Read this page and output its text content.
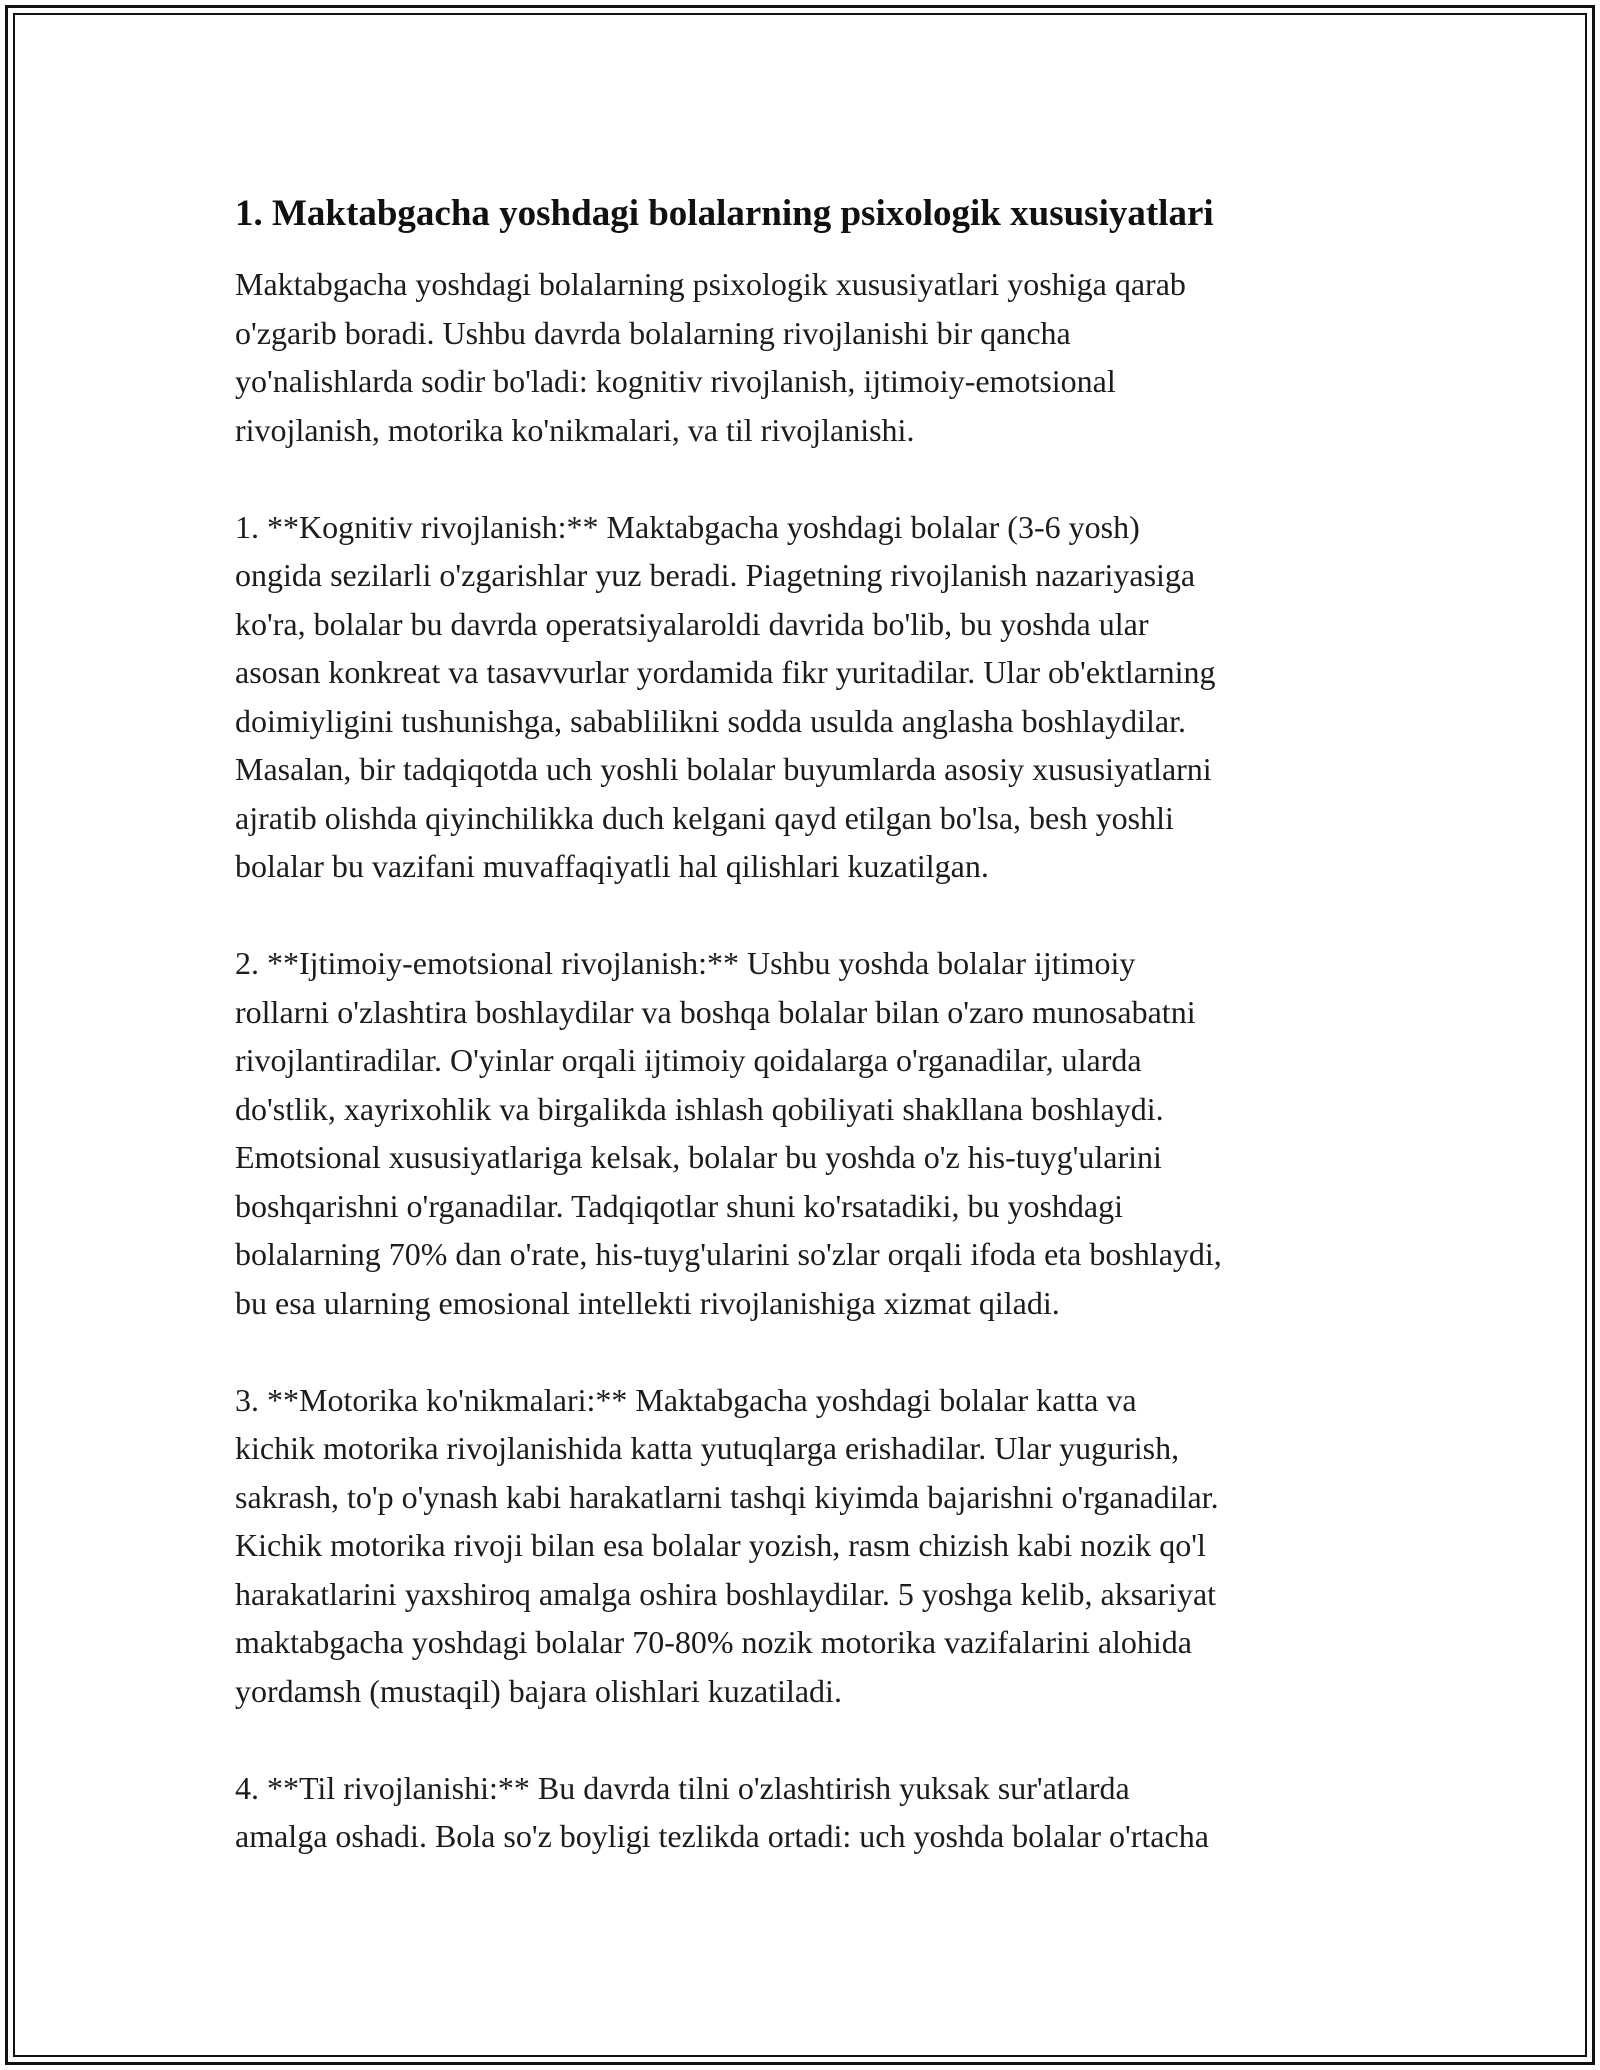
1. Maktabgacha yoshdagi bolalarning psixologik xususiyatlari
Maktabgacha yoshdagi bolalarning psixologik xususiyatlari yoshiga qarab
o'zgarib boradi. Ushbu davrda bolalarning rivojlanishi bir qancha
yo'nalishlarda sodir bo'ladi: kognitiv rivojlanish, ijtimoiy-emotsional
rivojlanish, motorika ko'nikmalari, va til rivojlanishi.
1. **Kognitiv rivojlanish:** Maktabgacha yoshdagi bolalar (3-6 yosh)
ongida sezilarli o'zgarishlar yuz beradi. Piagetning rivojlanish nazariyasiga
ko'ra, bolalar bu davrda operatsiyalaroldi davrida bo'lib, bu yoshda ular
asosan konkreat va tasavvurlar yordamida fikr yuritadilar. Ular ob'ektlarning
doimiyligini tushunishga, sabablilikni sodda usulda anglasha boshlaydilar.
Masalan, bir tadqiqotda uch yoshli bolalar buyumlarda asosiy xususiyatlarni
ajratib olishda qiyinchilikka duch kelgani qayd etilgan bo'lsa, besh yoshli
bolalar bu vazifani muvaffaqiyatli hal qilishlari kuzatilgan.
2. **Ijtimoiy-emotsional rivojlanish:** Ushbu yoshda bolalar ijtimoiy
rollarni o'zlashtira boshlaydilar va boshqa bolalar bilan o'zaro munosabatni
rivojlantiradilar. O'yinlar orqali ijtimoiy qoidalarga o'rganadilar, ularda
do'stlik, xayrixohlik va birgalikda ishlash qobiliyati shakllana boshlaydi.
Emotsional xususiyatlariga kelsak, bolalar bu yoshda o'z his-tuyg'ularini
boshqarishni o'rganadilar. Tadqiqotlar shuni ko'rsatadiki, bu yoshdagi
bolalarning 70% dan o'rate, his-tuyg'ularini so'zlar orqali ifoda eta boshlaydi,
bu esa ularning emosional intellekti rivojlanishiga xizmat qiladi.
3. **Motorika ko'nikmalari:** Maktabgacha yoshdagi bolalar katta va
kichik motorika rivojlanishida katta yutuqlarga erishadilar. Ular yugurish,
sakrash, to'p o'ynash kabi harakatlarni tashqi kiyimda bajarishni o'rganadilar.
Kichik motorika rivoji bilan esa bolalar yozish, rasm chizish kabi nozik qo'l
harakatlarini yaxshiroq amalga oshira boshlaydilar. 5 yoshga kelib, aksariyat
maktabgacha yoshdagi bolalar 70-80% nozik motorika vazifalarini alohida
yordamsh (mustaqil) bajara olishlari kuzatiladi.
4. **Til rivojlanishi:** Bu davrda tilni o'zlashtirish yuksak sur'atlarda
amalga oshadi. Bola so'z boyligi tezlikda ortadi: uch yoshda bolalar o'rtacha
